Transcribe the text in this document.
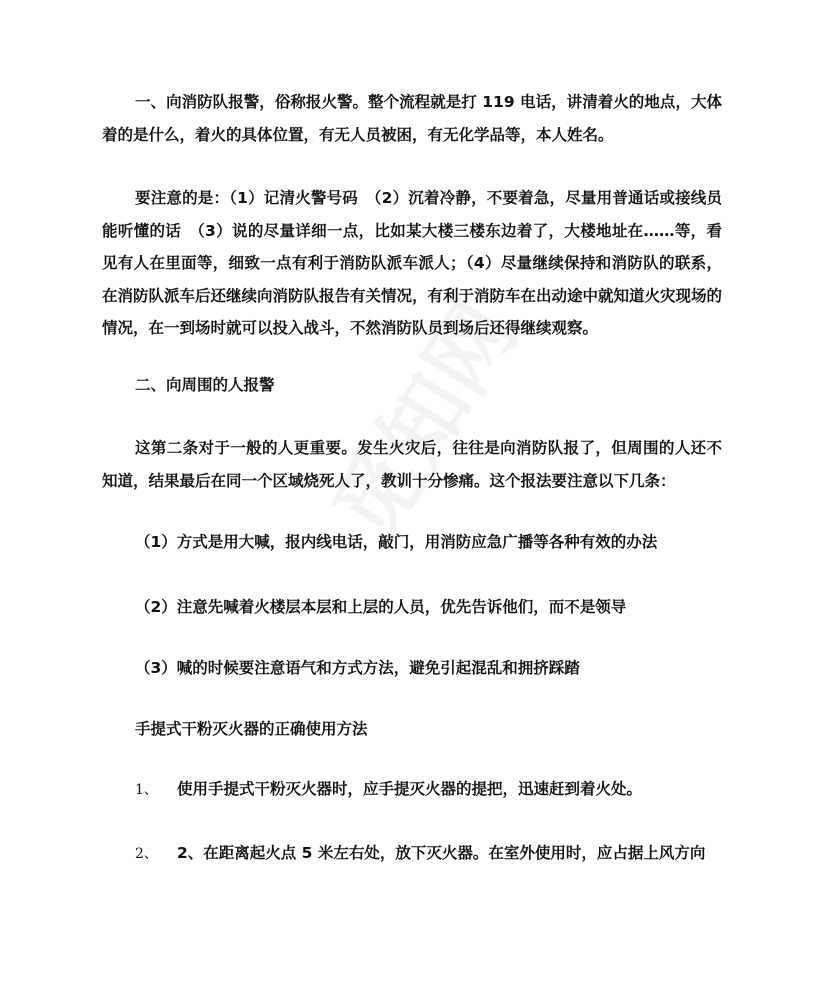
一、向消防队报警，俗称报火警。整个流程就是打 119 电话，讲清着火的地点，大体着的是什么，着火的具体位置，有无人员被困，有无化学品等，本人姓名。

要注意的是：（1）记清火警号码　（2）沉着冷静，不要着急，尽量用普通话或接线员能听懂的话　（3）说的尽量详细一点，比如某大楼三楼东边着了，大楼地址在……等，看见有人在里面等，细致一点有利于消防队派车派人；（4）尽量继续保持和消防队的联系，在消防队派车后还继续向消防队报告有关情况，有利于消防车在出动途中就知道火灾现场的情况，在一到场时就可以投入战斗，不然消防队员到场后还得继续观察。

二、向周围的人报警

这第二条对于一般的人更重要。发生火灾后，往往是向消防队报了，但周围的人还不知道，结果最后在同一个区域烧死人了，教训十分惨痛。这个报法要注意以下几条：

（1）方式是用大喊，报内线电话，敲门，用消防应急广播等各种有效的办法

（2）注意先喊着火楼层本层和上层的人员，优先告诉他们，而不是领导

（3）喊的时候要注意语气和方式方法，避免引起混乱和拥挤踩踏

手提式干粉灭火器的正确使用方法

1、 使用手提式干粉灭火器时，应手提灭火器的提把，迅速赶到着火处。

2、 2、在距离起火点 5 米左右处，放下灭火器。在室外使用时，应占据上风方向
